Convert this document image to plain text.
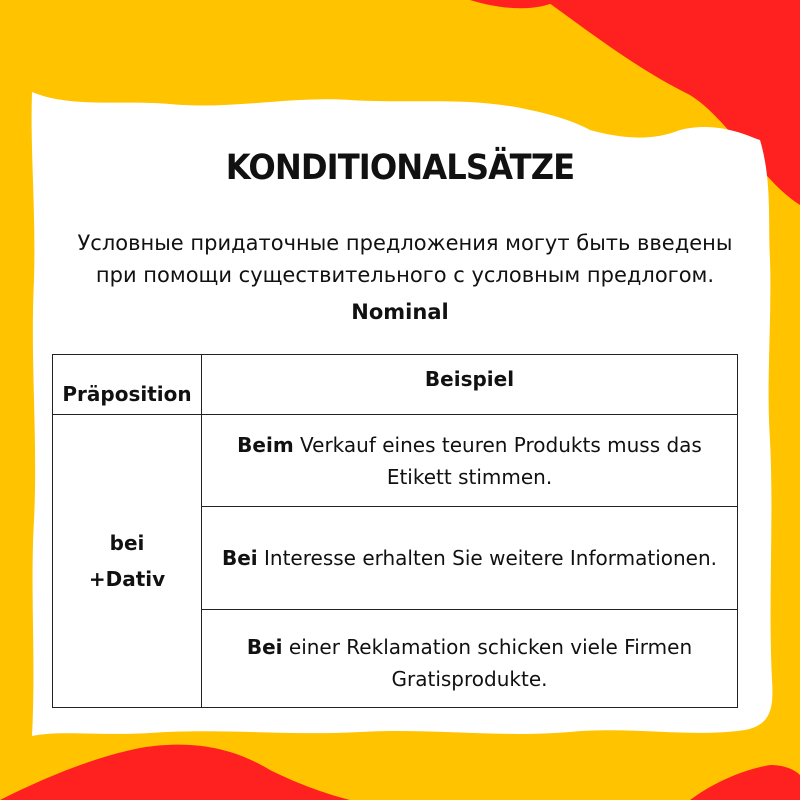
KONDITIONALSÄTZE
Условные придаточные предложения могут быть введены
при помощи существительного с условным предлогом.
Nominal
Präposition
Beispiel
bei
+Dativ
Beim Verkauf eines teuren Produkts muss das Etikett stimmen.
Bei Interesse erhalten Sie weitere Informationen.
Bei einer Reklamation schicken viele Firmen Gratisprodukte.
